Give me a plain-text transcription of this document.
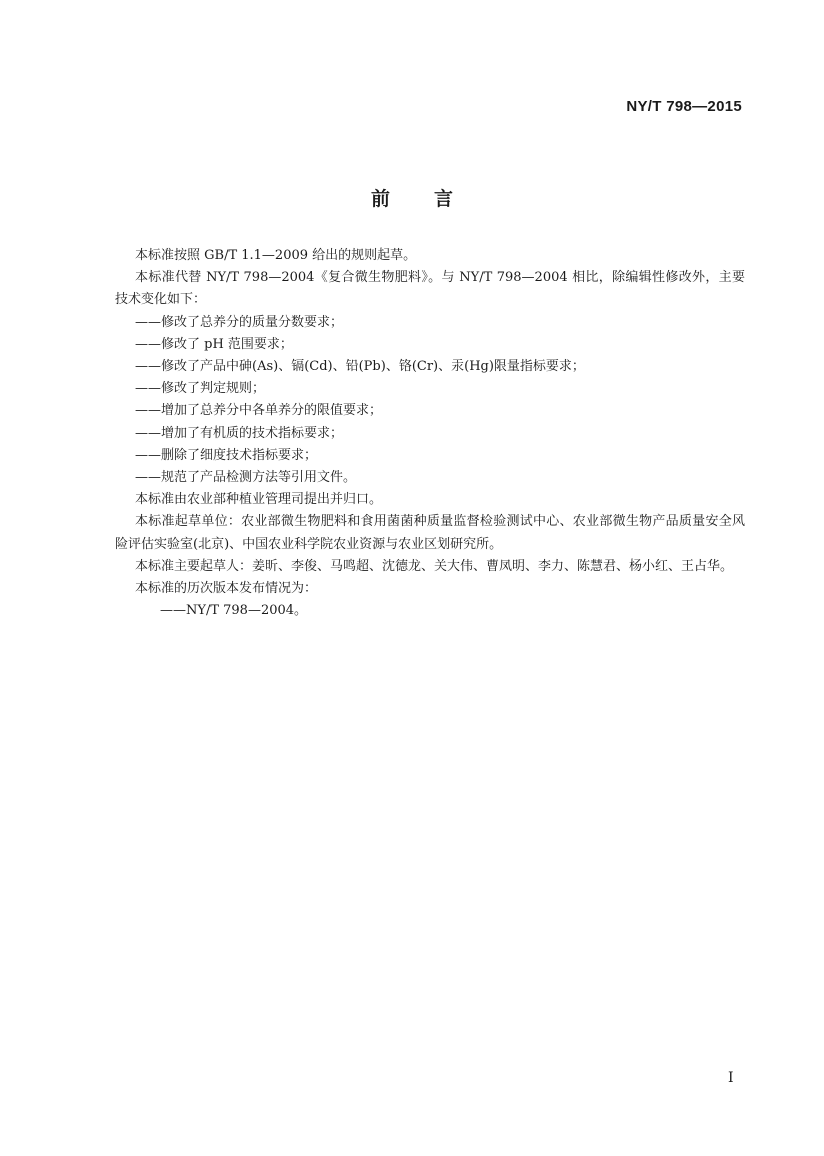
NY/T 798—2015
前言

本标准按照 GB/T 1.1—2009 给出的规则起草。

本标准代替 NY/T 798—2004《复合微生物肥料》。与 NY/T 798—2004 相比，除编辑性修改外，主要技术变化如下：

——修改了总养分的质量分数要求；

——修改了 pH 范围要求；

——修改了产品中砷(As)、镉(Cd)、铅(Pb)、铬(Cr)、汞(Hg)限量指标要求；

——修改了判定规则；

——增加了总养分中各单养分的限值要求；

——增加了有机质的技术指标要求；

——删除了细度技术指标要求；

——规范了产品检测方法等引用文件。

本标准由农业部种植业管理司提出并归口。

本标准起草单位：农业部微生物肥料和食用菌菌种质量监督检验测试中心、农业部微生物产品质量安全风险评估实验室(北京)、中国农业科学院农业资源与农业区划研究所。

本标准主要起草人：姜昕、李俊、马鸣超、沈德龙、关大伟、曹凤明、李力、陈慧君、杨小红、王占华。

本标准的历次版本发布情况为：

——NY/T 798—2004。

I
